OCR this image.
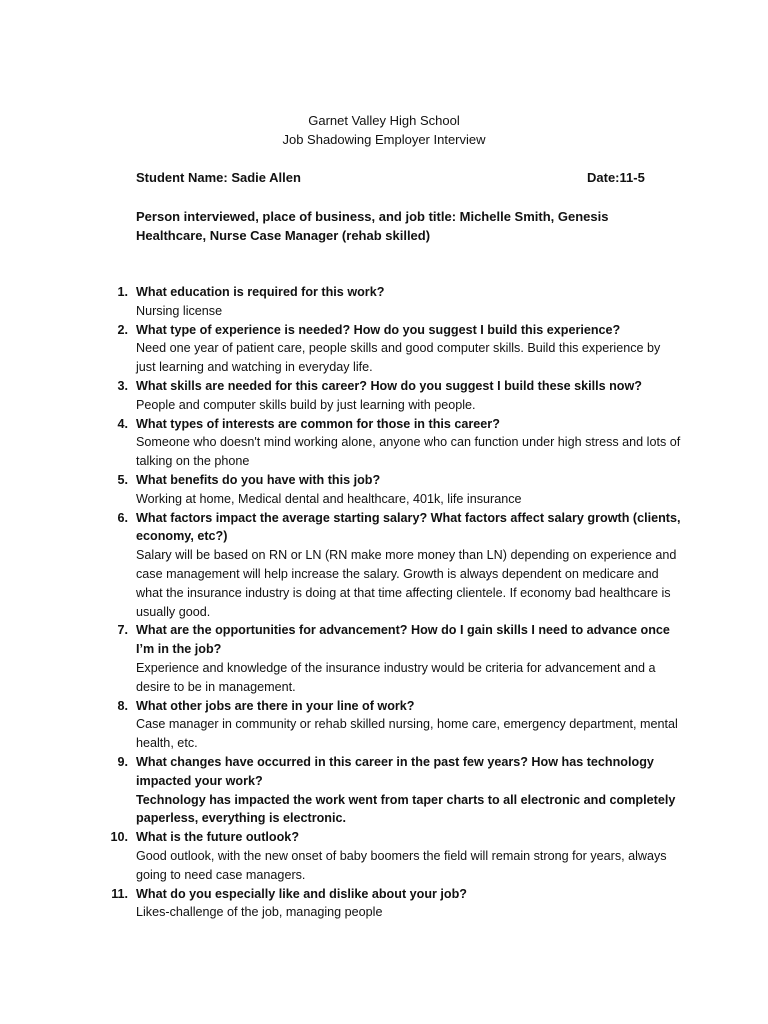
Garnet Valley High School
Job Shadowing Employer Interview
Student Name: Sadie Allen	Date:11-5
Person interviewed, place of business, and job title: Michelle Smith, Genesis Healthcare, Nurse Case Manager (rehab skilled)
1. What education is required for this work?
Nursing license
2. What type of experience is needed? How do you suggest I build this experience?
Need one year of patient care, people skills and good computer skills. Build this experience by just learning and watching in everyday life.
3. What skills are needed for this career? How do you suggest I build these skills now?
People and computer skills build by just learning with people.
4. What types of interests are common for those in this career?
Someone who doesn't mind working alone, anyone who can function under high stress and lots of talking on the phone
5. What benefits do you have with this job?
Working at home, Medical dental and healthcare, 401k, life insurance
6. What factors impact the average starting salary? What factors affect salary growth (clients, economy, etc?)
Salary will be based on RN or LN (RN make more money than LN) depending on experience and case management will help increase the salary. Growth is always dependent on medicare and what the insurance industry is doing at that time affecting clientele. If economy bad healthcare is usually good.
7. What are the opportunities for advancement? How do I gain skills I need to advance once I’m in the job?
Experience and knowledge of the insurance industry would be criteria for advancement and a desire to be in management.
8. What other jobs are there in your line of work?
Case manager in community or rehab skilled nursing, home care, emergency department, mental health, etc.
9. What changes have occurred in this career in the past few years? How has technology impacted your work?
Technology has impacted the work went from taper charts to all electronic and completely paperless, everything is electronic.
10. What is the future outlook?
Good outlook, with the new onset of baby boomers the field will remain strong for years, always going to need case managers.
11. What do you especially like and dislike about your job?
Likes-challenge of the job, managing people
